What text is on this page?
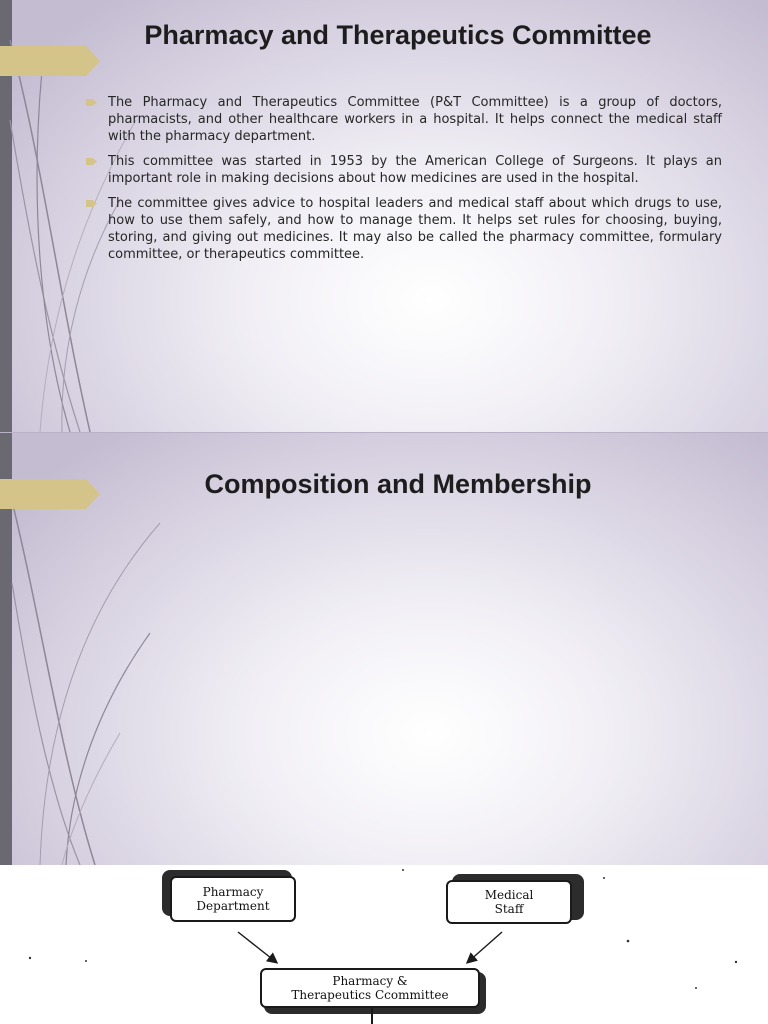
Pharmacy and Therapeutics Committee
The Pharmacy and Therapeutics Committee (P&T Committee) is a group of doctors, pharmacists, and other healthcare workers in a hospital. It helps connect the medical staff with the pharmacy department.
This committee was started in 1953 by the American College of Surgeons. It plays an important role in making decisions about how medicines are used in the hospital.
The committee gives advice to hospital leaders and medical staff about which drugs to use, how to use them safely, and how to manage them. It helps set rules for choosing, buying, storing, and giving out medicines. It may also be called the pharmacy committee, formulary committee, or therapeutics committee.
Composition and Membership
Pharmacy
Department
Medical
Staff
Pharmacy &
Therapeutics Ccommittee
